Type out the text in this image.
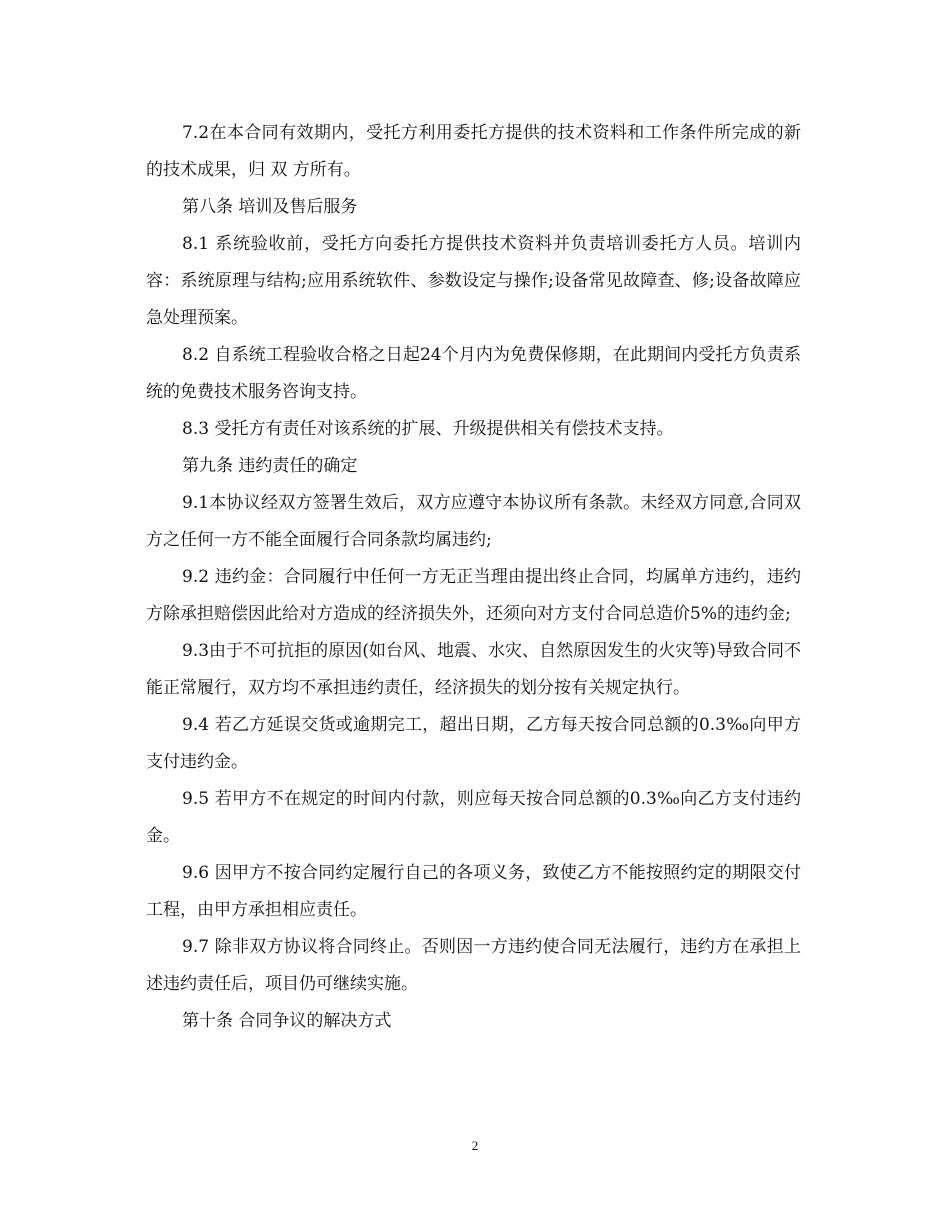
7.2在本合同有效期内，受托方利用委托方提供的技术资料和工作条件所完成的新的技术成果，归 双 方所有。

第八条 培训及售后服务

8.1 系统验收前，受托方向委托方提供技术资料并负责培训委托方人员。培训内容：系统原理与结构;应用系统软件、参数设定与操作;设备常见故障查、修;设备故障应急处理预案。

8.2 自系统工程验收合格之日起24个月内为免费保修期，在此期间内受托方负责系统的免费技术服务咨询支持。

8.3 受托方有责任对该系统的扩展、升级提供相关有偿技术支持。

第九条 违约责任的确定

9.1本协议经双方签署生效后，双方应遵守本协议所有条款。未经双方同意,合同双方之任何一方不能全面履行合同条款均属违约;

9.2 违约金：合同履行中任何一方无正当理由提出终止合同，均属单方违约，违约方除承担赔偿因此给对方造成的经济损失外，还须向对方支付合同总造价5%的违约金;

9.3由于不可抗拒的原因(如台风、地震、水灾、自然原因发生的火灾等)导致合同不能正常履行，双方均不承担违约责任，经济损失的划分按有关规定执行。

9.4 若乙方延误交货或逾期完工，超出日期，乙方每天按合同总额的0.3‰向甲方支付违约金。

9.5 若甲方不在规定的时间内付款，则应每天按合同总额的0.3‰向乙方支付违约金。

9.6 因甲方不按合同约定履行自己的各项义务，致使乙方不能按照约定的期限交付工程，由甲方承担相应责任。

9.7 除非双方协议将合同终止。否则因一方违约使合同无法履行，违约方在承担上述违约责任后，项目仍可继续实施。

第十条 合同争议的解决方式

2
